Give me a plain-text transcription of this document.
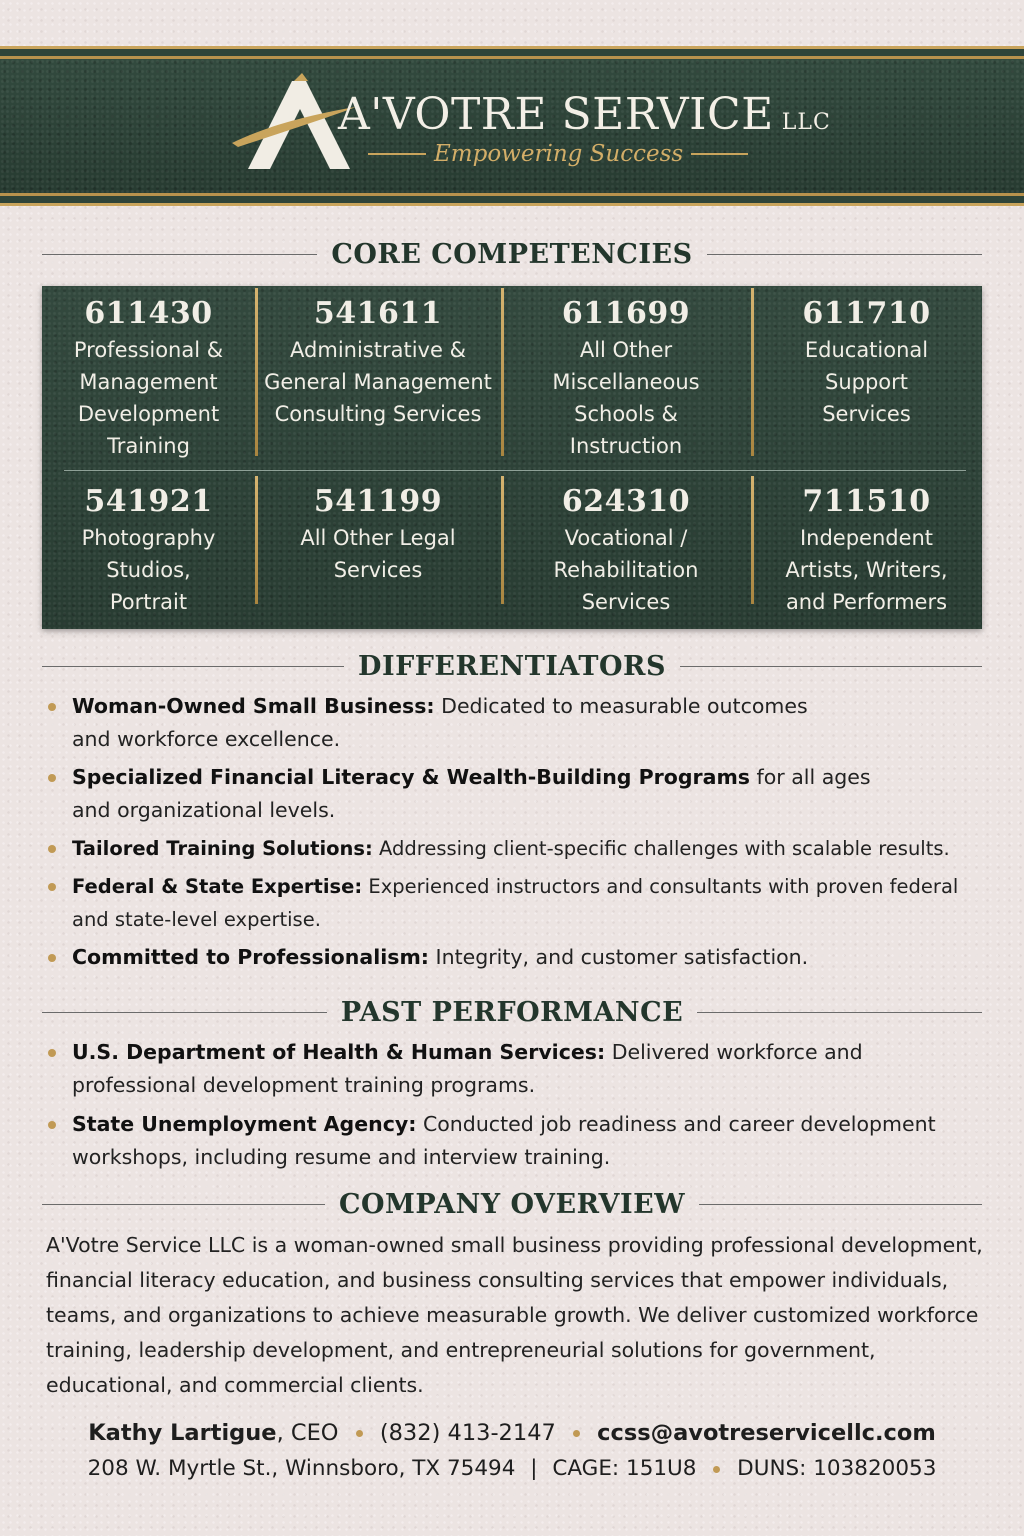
A'VOTRE SERVICE LLC
Empowering Success
CORE COMPETENCIES
611430
Professional & Management Development Training
541611
Administrative & General Management Consulting Services
611699
All Other Miscellaneous Schools & Instruction
611710
Educational Support Services
541921
Photography Studios, Portrait
541199
All Other Legal Services
624310
Vocational / Rehabilitation Services
711510
Independent Artists, Writers, and Performers
DIFFERENTIATORS
Woman-Owned Small Business: Dedicated to measurable outcomes and workforce excellence.
Specialized Financial Literacy & Wealth-Building Programs for all ages and organizational levels.
Tailored Training Solutions: Addressing client-specific challenges with scalable results.
Federal & State Expertise: Experienced instructors and consultants with proven federal and state-level expertise.
Committed to Professionalism: Integrity, and customer satisfaction.
PAST PERFORMANCE
U.S. Department of Health & Human Services: Delivered workforce and professional development training programs.
State Unemployment Agency: Conducted job readiness and career development workshops, including resume and interview training.
COMPANY OVERVIEW

A'Votre Service LLC is a woman-owned small business providing professional development, financial literacy education, and business consulting services that empower individuals, teams, and organizations to achieve measurable growth. We deliver customized workforce training, leadership development, and entrepreneurial solutions for government, educational, and commercial clients.

Kathy Lartigue, CEO (832) 413-2147 ccss@avotreservicellc.com
208 W. Myrtle St., Winnsboro, TX 75494 | CAGE: 151U8 DUNS: 103820053
